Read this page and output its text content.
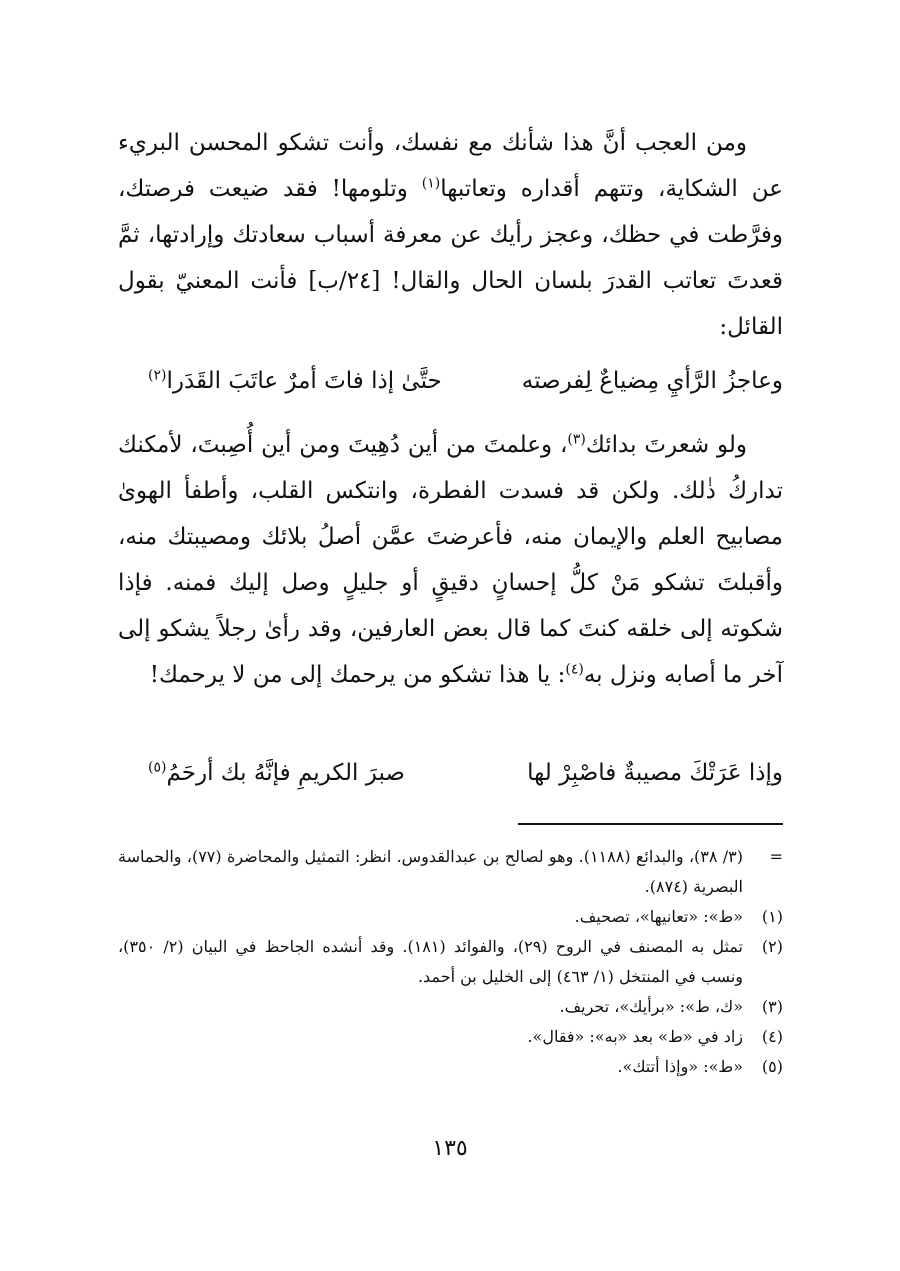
ومن العجب أنَّ هذا شأنك مع نفسك، وأنت تشكو المحسن البريء عن الشكاية، وتتهم أقداره وتعاتبها$^{(١)}$ وتلومها! فقد ضيعت فرصتك، وفرَّطت في حظك، وعجز رأيك عن معرفة أسباب سعادتك وإرادتها، ثمَّ قعدتَ تعاتب القدرَ بلسان الحال والقال! [٢٤/ب] فأنت المعنيّ بقول القائل:

وعاجزُ الرَّأيِ مِضياعٌ لِفرصته
حتَّىٰ إذا فاتَ أمرٌ عاتَبَ القَدَرا$^{(٢)}$

ولو شعرتَ بدائك$^{(٣)}$، وعلمتَ من أين دُهِيتَ ومن أين أُصِبتَ، لأمكنك تداركُ ذٰلك. ولكن قد فسدت الفطرة، وانتكس القلب، وأطفأ الهوىٰ مصابيح العلم والإيمان منه، فأعرضتَ عمَّن أصلُ بلائك ومصيبتك منه، وأقبلتَ تشكو مَنْ كلُّ إحسانٍ دقيقٍ أو جليلٍ وصل إليك فمنه. فإذا شكوته إلى خلقه كنتَ كما قال بعض العارفين، وقد رأىٰ رجلاً يشكو إلى آخر ما أصابه ونزل به$^{(٤)}$: يا هذا تشكو من يرحمك إلى من لا يرحمك!

وإذا عَرَتْكَ مصيبةٌ فاصْبِرْ لها
صبرَ الكريمِ فإنَّهُ بك أرحَمُ$^{(٥)}$
=
(٣/ ٣٨)، والبدائع (١١٨٨). وهو لصالح بن عبدالقدوس. انظر: التمثيل والمحاضرة (٧٧)، والحماسة البصرية (٨٧٤).
(١)
«ط»: «تعانيها»، تصحيف.
(٢)
تمثل به المصنف في الروح (٢٩)، والفوائد (١٨١). وقد أنشده الجاحظ في البيان (٢/ ٣٥٠)، ونسب في المنتخل (١/ ٤٦٣) إلى الخليل بن أحمد.
(٣)
«ك، ط»: «برأيك»، تحريف.
(٤)
زاد في «ط» بعد «به»: «فقال».
(٥)
«ط»: «وإذا أتتك».
١٣٥
